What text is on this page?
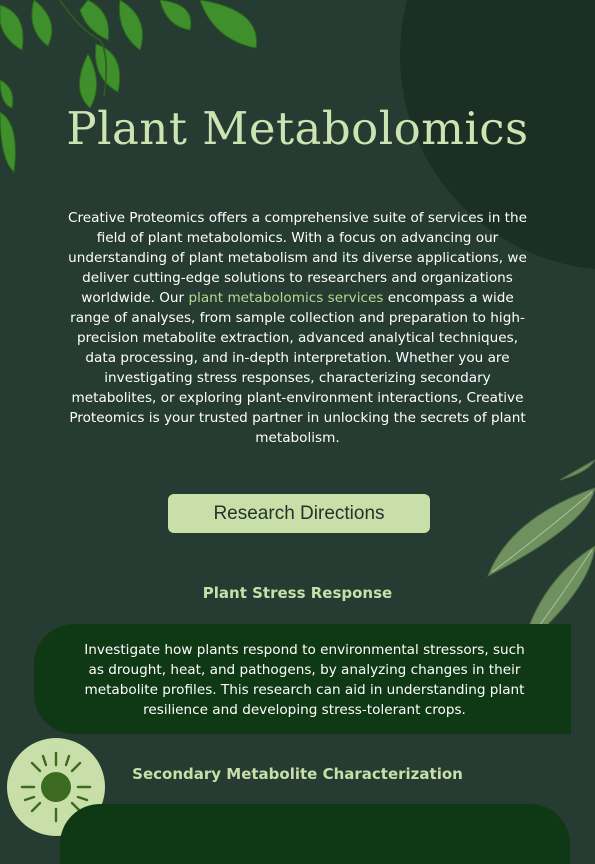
Plant Metabolomics

Creative Proteomics offers a comprehensive suite of services in the field of plant metabolomics. With a focus on advancing our understanding of plant metabolism and its diverse applications, we deliver cutting-edge solutions to researchers and organizations worldwide. Our plant metabolomics services encompass a wide range of analyses, from sample collection and preparation to high-precision metabolite extraction, advanced analytical techniques, data processing, and in-depth interpretation. Whether you are investigating stress responses, characterizing secondary metabolites, or exploring plant-environment interactions, Creative Proteomics is your trusted partner in unlocking the secrets of plant metabolism.

Research Directions
Plant Stress Response

Investigate how plants respond to environmental stressors, such as drought, heat, and pathogens, by analyzing changes in their metabolite profiles. This research can aid in understanding plant resilience and developing stress-tolerant crops.

Secondary Metabolite Characterization
